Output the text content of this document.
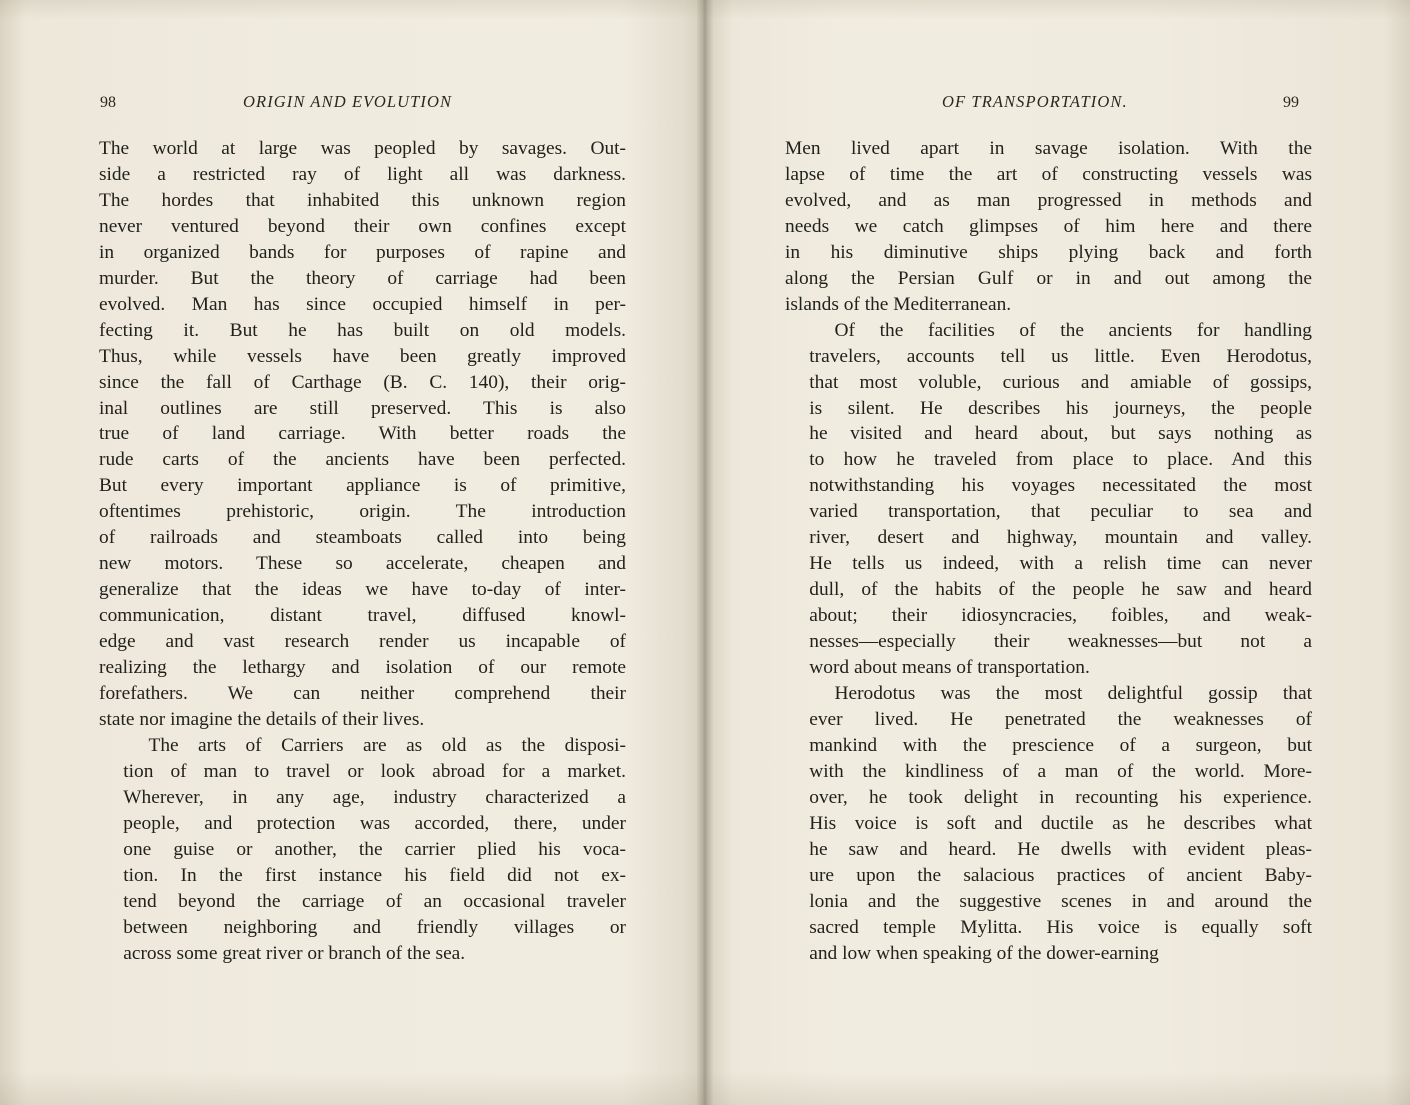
98	ORIGIN AND EVOLUTION

The world at large was peopled by savages. Out-
side a restricted ray of light all was darkness.
The hordes that inhabited this unknown region
never ventured beyond their own confines except
in organized bands for purposes of rapine and
murder. But the theory of carriage had been
evolved. Man has since occupied himself in per-
fecting it. But he has built on old models.
Thus, while vessels have been greatly improved
since the fall of Carthage (B. C. 140), their orig-
inal outlines are still preserved. This is also
true of land carriage. With better roads the
rude carts of the ancients have been perfected.
But every important appliance is of primitive,
oftentimes prehistoric, origin. The introduction
of railroads and steamboats called into being
new motors. These so accelerate, cheapen and
generalize that the ideas we have to-day of inter-
communication, distant travel, diffused knowl-
edge and vast research render us incapable of
realizing the lethargy and isolation of our remote
forefathers. We can neither comprehend their
state nor imagine the details of their lives.

The arts of Carriers are as old as the disposi-
tion of man to travel or look abroad for a market.
Wherever, in any age, industry characterized a
people, and protection was accorded, there, under
one guise or another, the carrier plied his voca-
tion. In the first instance his field did not ex-
tend beyond the carriage of an occasional traveler
between neighboring and friendly villages or
across some great river or branch of the sea.

OF TRANSPORTATION.	99

Men lived apart in savage isolation. With the
lapse of time the art of constructing vessels was
evolved, and as man progressed in methods and
needs we catch glimpses of him here and there
in his diminutive ships plying back and forth
along the Persian Gulf or in and out among the
islands of the Mediterranean.

Of the facilities of the ancients for handling
travelers, accounts tell us little. Even Herodotus,
that most voluble, curious and amiable of gossips,
is silent. He describes his journeys, the people
he visited and heard about, but says nothing as
to how he traveled from place to place. And this
notwithstanding his voyages necessitated the most
varied transportation, that peculiar to sea and
river, desert and highway, mountain and valley.
He tells us indeed, with a relish time can never
dull, of the habits of the people he saw and heard
about; their idiosyncracies, foibles, and weak-
nesses—especially their weaknesses—but not a
word about means of transportation.

Herodotus was the most delightful gossip that
ever lived. He penetrated the weaknesses of
mankind with the prescience of a surgeon, but
with the kindliness of a man of the world. More-
over, he took delight in recounting his experience.
His voice is soft and ductile as he describes what
he saw and heard. He dwells with evident pleas-
ure upon the salacious practices of ancient Baby-
lonia and the suggestive scenes in and around the
sacred temple Mylitta. His voice is equally soft
and low when speaking of the dower-earning
